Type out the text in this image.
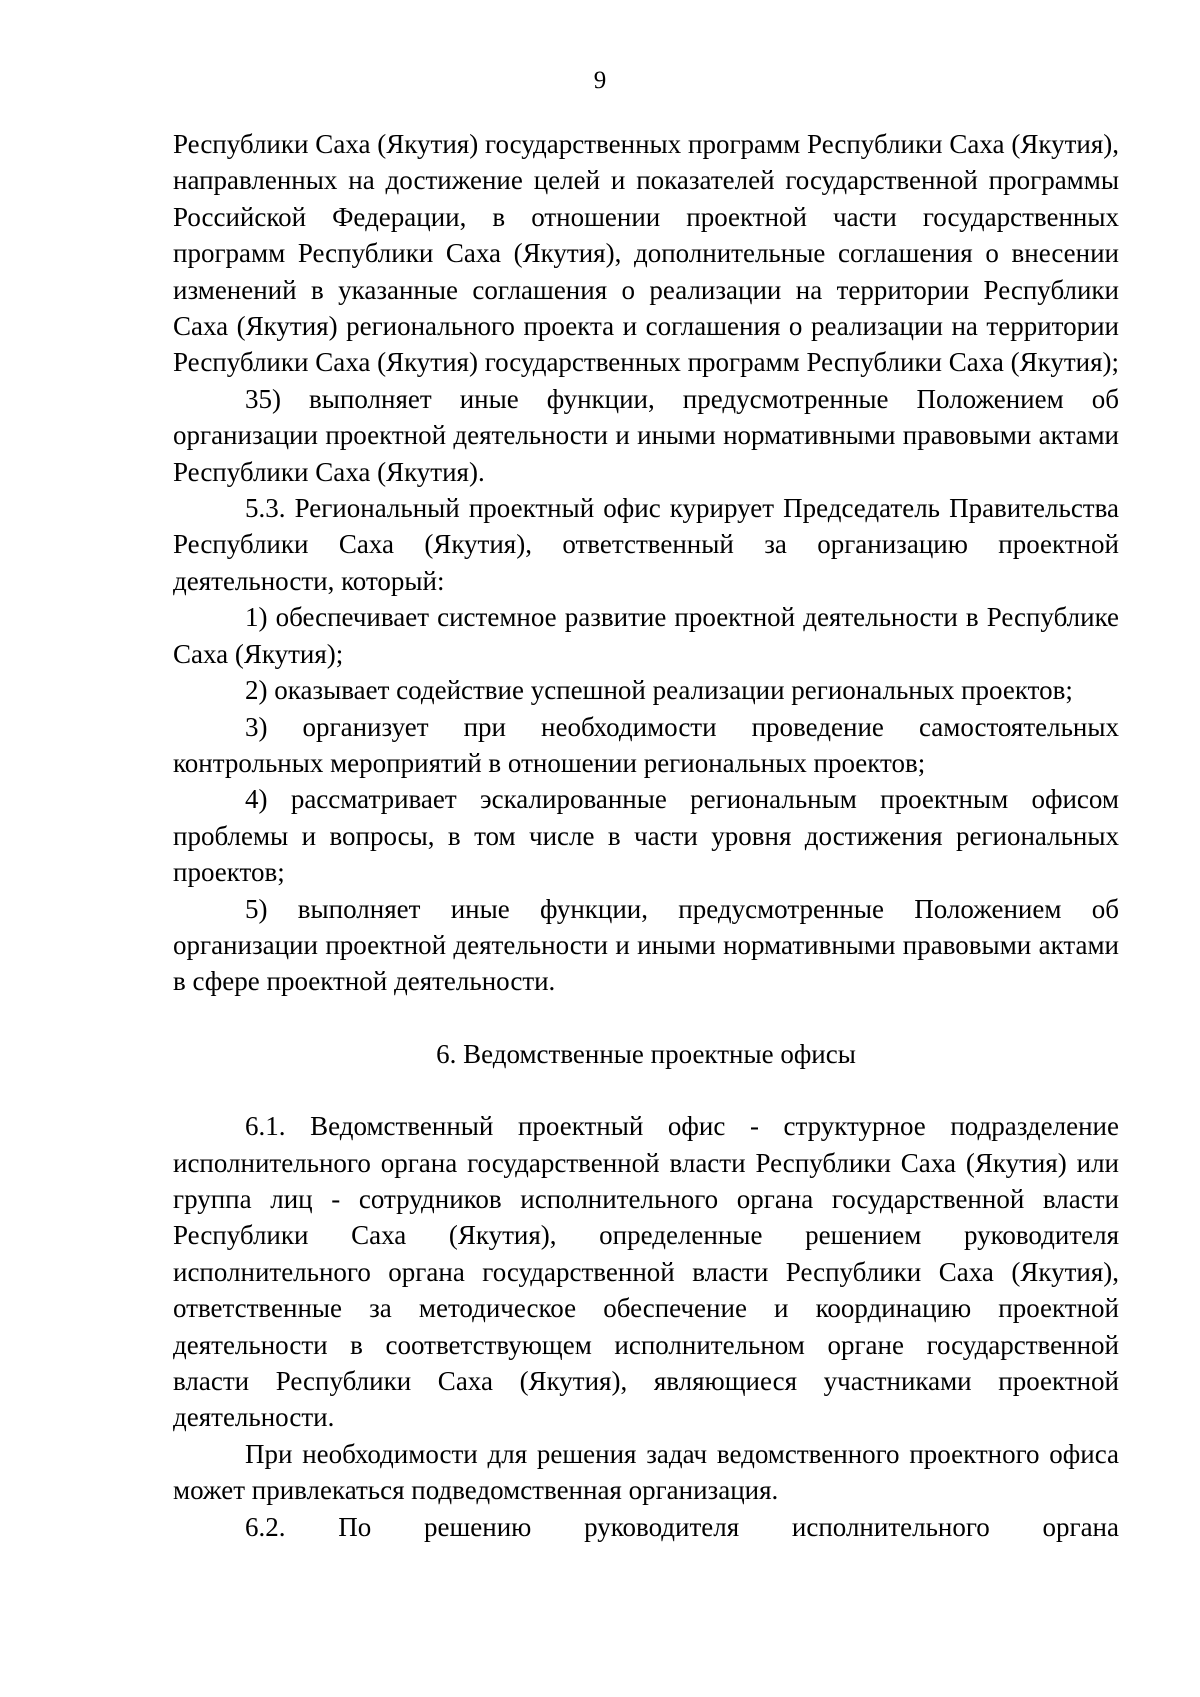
9

Республики Саха (Якутия) государственных программ Республики Саха (Якутия), направленных на достижение целей и показателей государственной программы Российской Федерации, в отношении проектной части государственных программ Республики Саха (Якутия), дополнительные соглашения о внесении изменений в указанные соглашения о реализации на территории Республики Саха (Якутия) регионального проекта и соглашения о реализации на территории Республики Саха (Якутия) государственных программ Республики Саха (Якутия);

35) выполняет иные функции, предусмотренные Положением об организации проектной деятельности и иными нормативными правовыми актами Республики Саха (Якутия).

5.3. Региональный проектный офис курирует Председатель Правительства Республики Саха (Якутия), ответственный за организацию проектной деятельности, который:

1) обеспечивает системное развитие проектной деятельности в Республике Саха (Якутия);

2) оказывает содействие успешной реализации региональных проектов;

3) организует при необходимости проведение самостоятельных контрольных мероприятий в отношении региональных проектов;

4) рассматривает эскалированные региональным проектным офисом проблемы и вопросы, в том числе в части уровня достижения региональных проектов;

5) выполняет иные функции, предусмотренные Положением об организации проектной деятельности и иными нормативными правовыми актами в сфере проектной деятельности.

6. Ведомственные проектные офисы

6.1. Ведомственный проектный офис - структурное подразделение исполнительного органа государственной власти Республики Саха (Якутия) или группа лиц - сотрудников исполнительного органа государственной власти Республики Саха (Якутия), определенные решением руководителя исполнительного органа государственной власти Республики Саха (Якутия), ответственные за методическое обеспечение и координацию проектной деятельности в соответствующем исполнительном органе государственной власти Республики Саха (Якутия), являющиеся участниками проектной деятельности.

При необходимости для решения задач ведомственного проектного офиса может привлекаться подведомственная организация.

6.2. По решению руководителя исполнительного органа
